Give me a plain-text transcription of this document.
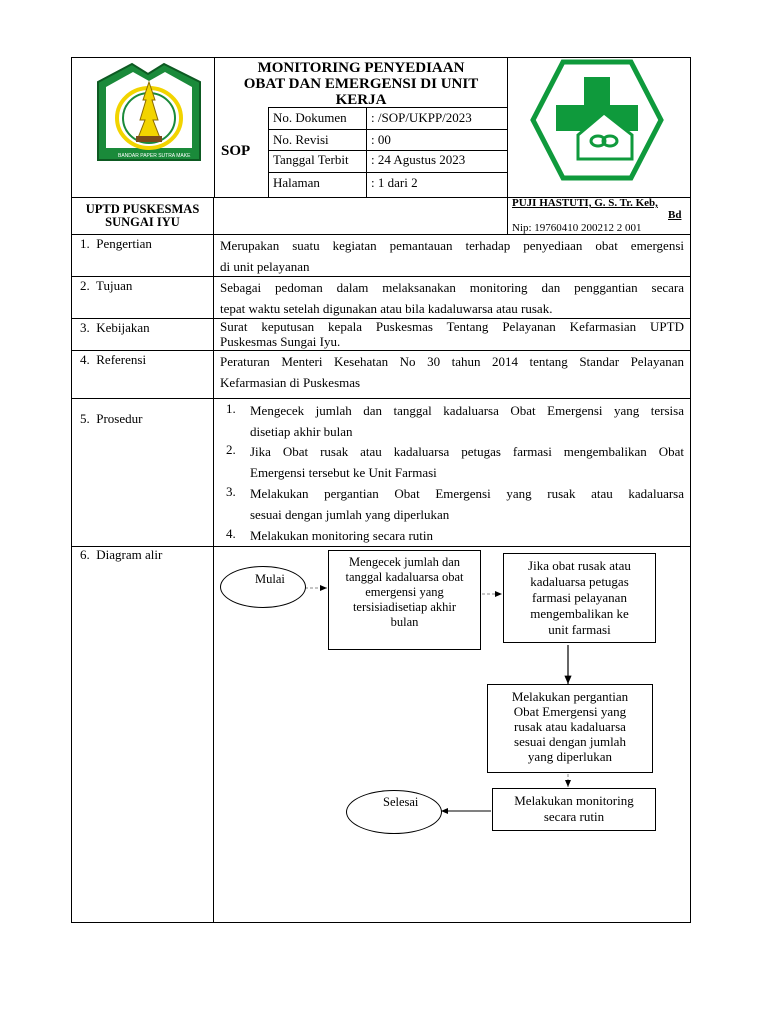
BANDAR PAPER SUTRA MAKE
MONITORING PENYEDIAAN
OBAT DAN EMERGENSI DI UNIT
KERJA
SOP
No. Dokumen : /SOP/UKPP/2023
No. Revisi	: 00
Tanggal Terbit : 24 Agustus 2023
Halaman	: 1 dari 2
UPTD PUSKESMAS
SUNGAI IYU
PUJI HASTUTI, G. S. Tr. Keb,
Bd
Nip: 19760410 200212 2 001
1.  Pengertian	Merupakan suatu kegiatan pemantauan terhadap penyediaan obat emergensi
di unit pelayanan
2.  Tujuan	Sebagai pedoman dalam melaksanakan monitoring dan penggantian secara
tepat waktu setelah digunakan atau bila kadaluwarsa atau rusak.
3.  Kebijakan	Surat keputusan kepala Puskesmas Tentang Pelayanan Kefarmasian UPTD
Puskesmas Sungai Iyu.
4.  Referensi	Peraturan Menteri Kesehatan No 30 tahun 2014 tentang Standar Pelayanan
Kefarmasian di Puskesmas
5.  Prosedur
1. Mengecek jumlah dan tanggal kadaluarsa Obat Emergensi yang tersisa
disetiap akhir bulan
2. Jika Obat rusak atau kadaluarsa petugas farmasi mengembalikan Obat
Emergensi tersebut ke Unit Farmasi
3. Melakukan pergantian Obat Emergensi yang rusak atau kadaluarsa
sesuai dengan jumlah yang diperlukan
4. Melakukan monitoring secara rutin
6.  Diagram alir
Mulai
Mengecek jumlah dan
tanggal kadaluarsa obat
emergensi yang
tersisiadisetiap akhir
bulan
Jika obat rusak atau
kadaluarsa petugas
farmasi pelayanan
mengembalikan ke
unit farmasi
Melakukan pergantian
Obat Emergensi yang
rusak atau kadaluarsa
sesuai dengan jumlah
yang diperlukan
Melakukan monitoring
secara rutin
Selesai
